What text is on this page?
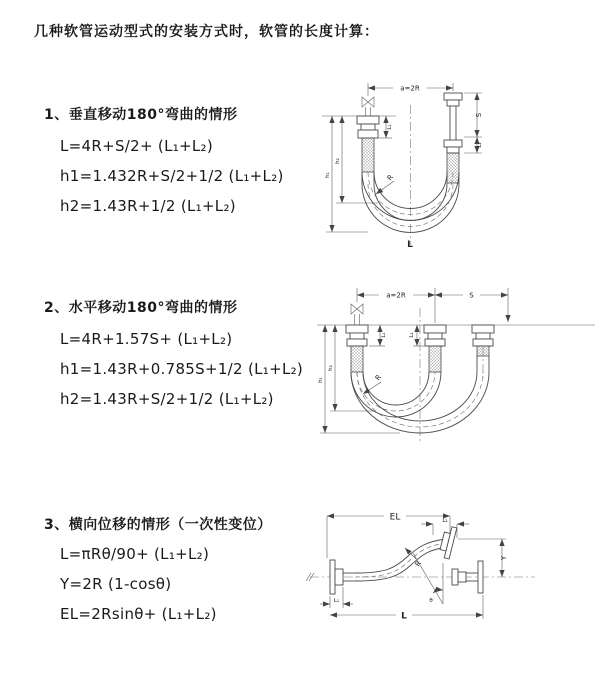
几种软管运动型式的安装方式时，软管的长度计算：
1、垂直移动180°弯曲的情形
L=4R+S/2+ (L₁+L₂)
h1=1.432R+S/2+1/2 (L₁+L₂)
h2=1.43R+1/2 (L₁+L₂)
2、水平移动180°弯曲的情形
L=4R+1.57S+ (L₁+L₂)
h1=1.43R+0.785S+1/2 (L₁+L₂)
h2=1.43R+S/2+1/2 (L₁+L₂)
3、横向位移的情形（一次性变位）
L=πRθ/90+ (L₁+L₂)
Y=2R (1-cosθ)
EL=2Rsinθ+ (L₁+L₂)
a=2R
L₁
S
L₂
h₁
h₂
R
L
a=2R	S
L₁	L₂
h₁
h₂
R
EL	L₂
θ
R
Y
L₁
L
